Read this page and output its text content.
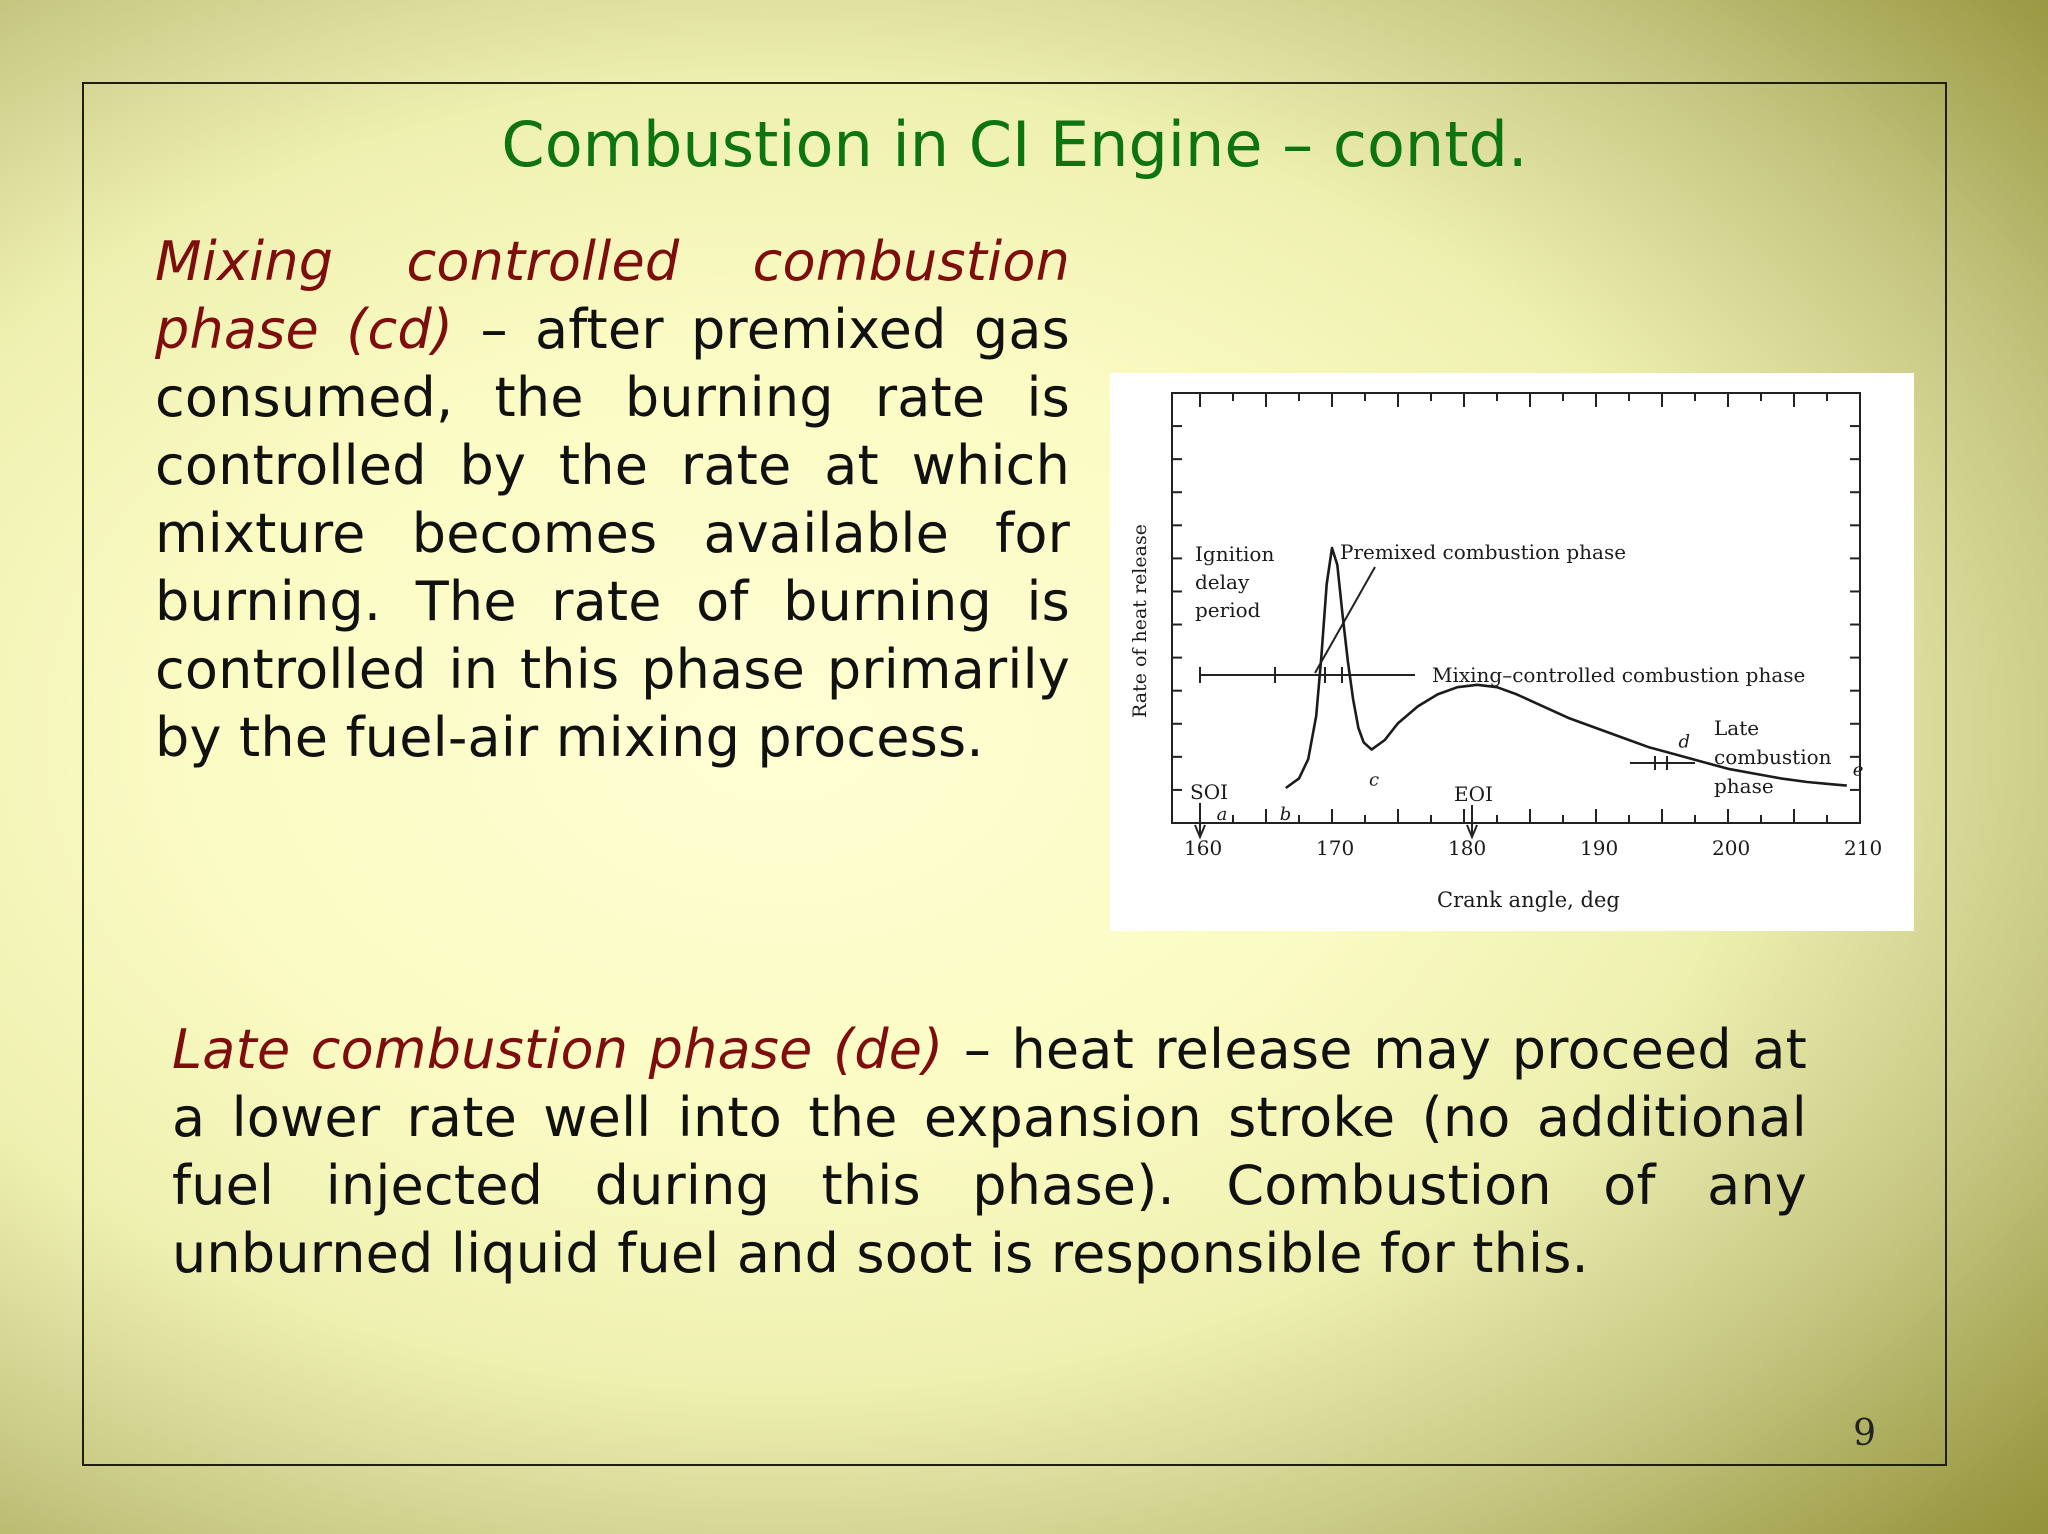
Combustion in CI Engine – contd.

Mixing controlled combustion phase (cd) – after premixed gas consumed, the burning rate is controlled by the rate at which mixture becomes available for burning. The rate of burning is controlled in this phase primarily by the fuel-air mixing process.

160	170	180	190	200	210
Ignition
delay
period
Premixed combustion phase
Mixing–controlled combustion phase
Late
combustion
phase
SOI	EOI
Crank angle, deg
Rate of heat release
a	b
c
d
e

Late combustion phase (de) – heat release may proceed at a lower rate well into the expansion stroke (no additional fuel injected during this phase). Combustion of any unburned liquid fuel and soot is responsible for this.

9
